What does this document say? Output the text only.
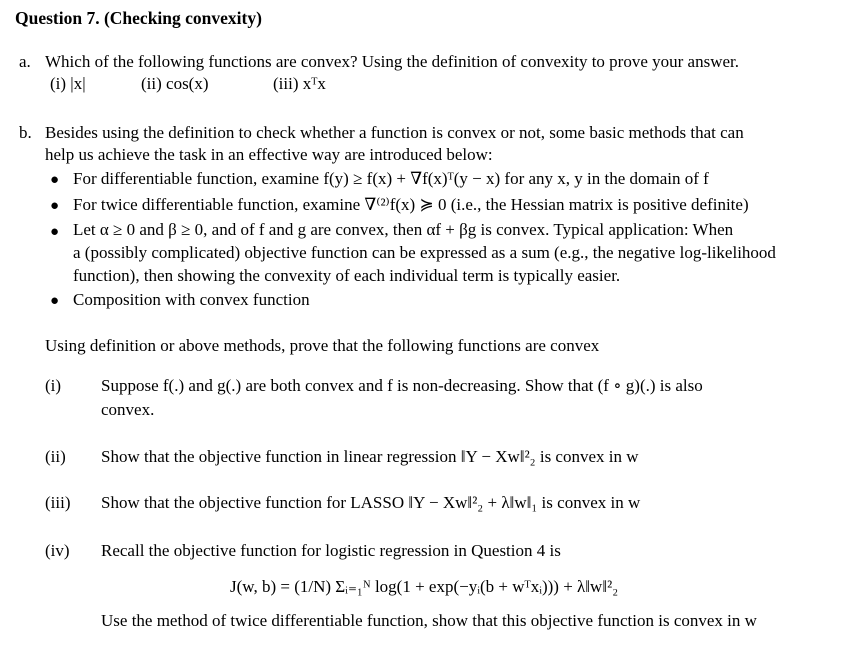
Question 7. (Checking convexity)
a. Which of the following functions are convex? Using the definition of convexity to prove your answer.
(i) |x|	(ii) cos(x)	(iii) xᵀx
b. Besides using the definition to check whether a function is convex or not, some basic methods that can
help us achieve the task in an effective way are introduced below:
● For differentiable function, examine f(y) ≥ f(x) + ∇f(x)ᵀ(y − x) for any x, y in the domain of f
● For twice differentiable function, examine ∇⁽²⁾f(x) ≽ 0 (i.e., the Hessian matrix is positive definite)
● Let α ≥ 0 and β ≥ 0, and of f and g are convex, then αf + βg is convex. Typical application: When
a (possibly complicated) objective function can be expressed as a sum (e.g., the negative log-likelihood
function), then showing the convexity of each individual term is typically easier.
● Composition with convex function
Using definition or above methods, prove that the following functions are convex
(i) Suppose f(.) and g(.) are both convex and f is non-decreasing. Show that (f ∘ g)(.) is also
convex.
(ii) Show that the objective function in linear regression ‖Y − Xw‖²₂ is convex in w
(iii) Show that the objective function for LASSO ‖Y − Xw‖²₂ + λ‖w‖₁ is convex in w
(iv) Recall the objective function for logistic regression in Question 4 is
J(w, b) = (1/N) Σᵢ₌₁ᴺ log(1 + exp(−yᵢ(b + wᵀxᵢ))) + λ‖w‖²₂
Use the method of twice differentiable function, show that this objective function is convex in w
